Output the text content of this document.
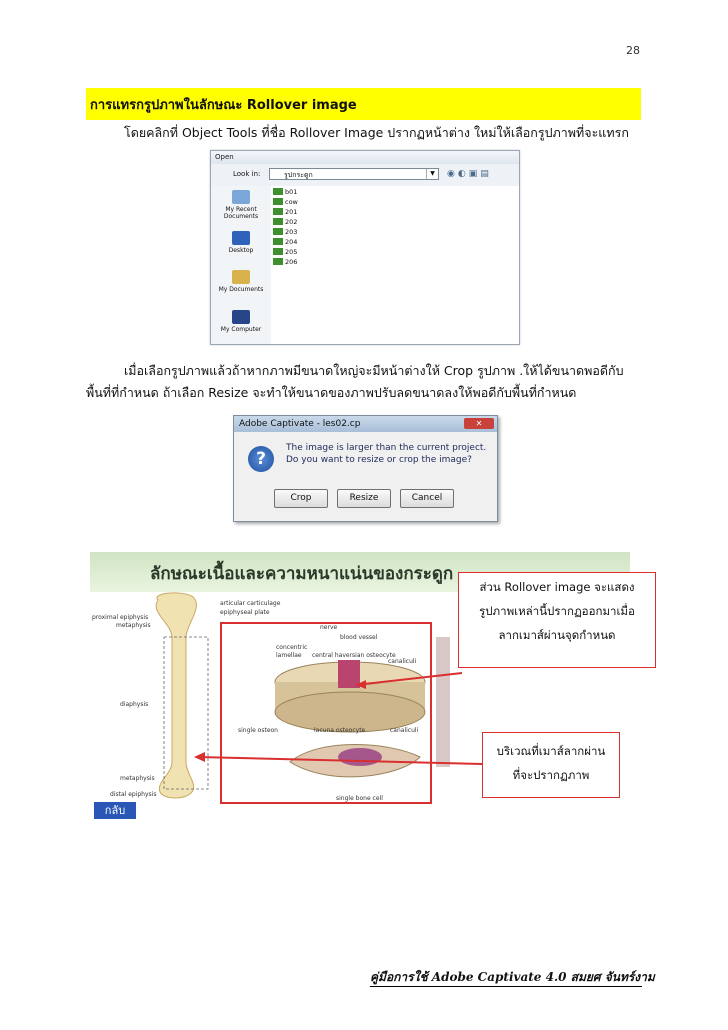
28
การแทรกรูปภาพในลักษณะ Rollover image
โดยคลิกที่ Object Tools ที่ชื่อ Rollover Image ปรากฏหน้าต่าง ใหม่ให้เลือกรูปภาพที่จะแทรก
Open
Look in:	รูปกระดูก	▼	◉◐▣▤
My Recent Documents
Desktop
My Documents
My Computer
b01
cow
201
202
203
204
205
206
เมื่อเลือกรูปภาพแล้วถ้าหากภาพมีขนาดใหญ่จะมีหน้าต่างให้ Crop รูปภาพ .ให้ได้ขนาดพอดีกับ
พื้นที่ที่กำหนด ถ้าเลือก Resize จะทำให้ขนาดของภาพปรับลดขนาดลงให้พอดีกับพื้นที่กำหนด
Adobe Captivate - les02.cp	✕
?
The image is larger than the current project.
Do you want to resize or crop the image?
Crop	Resize	Cancel
ลักษณะเนื้อและความหนาแน่นของกระดูก
articular carticulage
epiphyseal plate
proximal epiphysis
metaphysis
diaphysis
metaphysis
distal epiphysis
nerve
blood vessel
concentric
lamellae central haversian osteocyte
canaliculi
single osteon	lacuna osteocyte	canaliculi
single bone cell
ส่วน Rollover image จะแสดง
รูปภาพเหล่านี้ปรากฏออกมาเมื่อ
ลากเมาส์ผ่านจุดกำหนด
บริเวณที่เมาส์ลากผ่าน
ที่จะปรากฏภาพ
กลับ
คู่มือการใช้ Adobe Captivate 4.0 สมยศ จันทร์งาม
